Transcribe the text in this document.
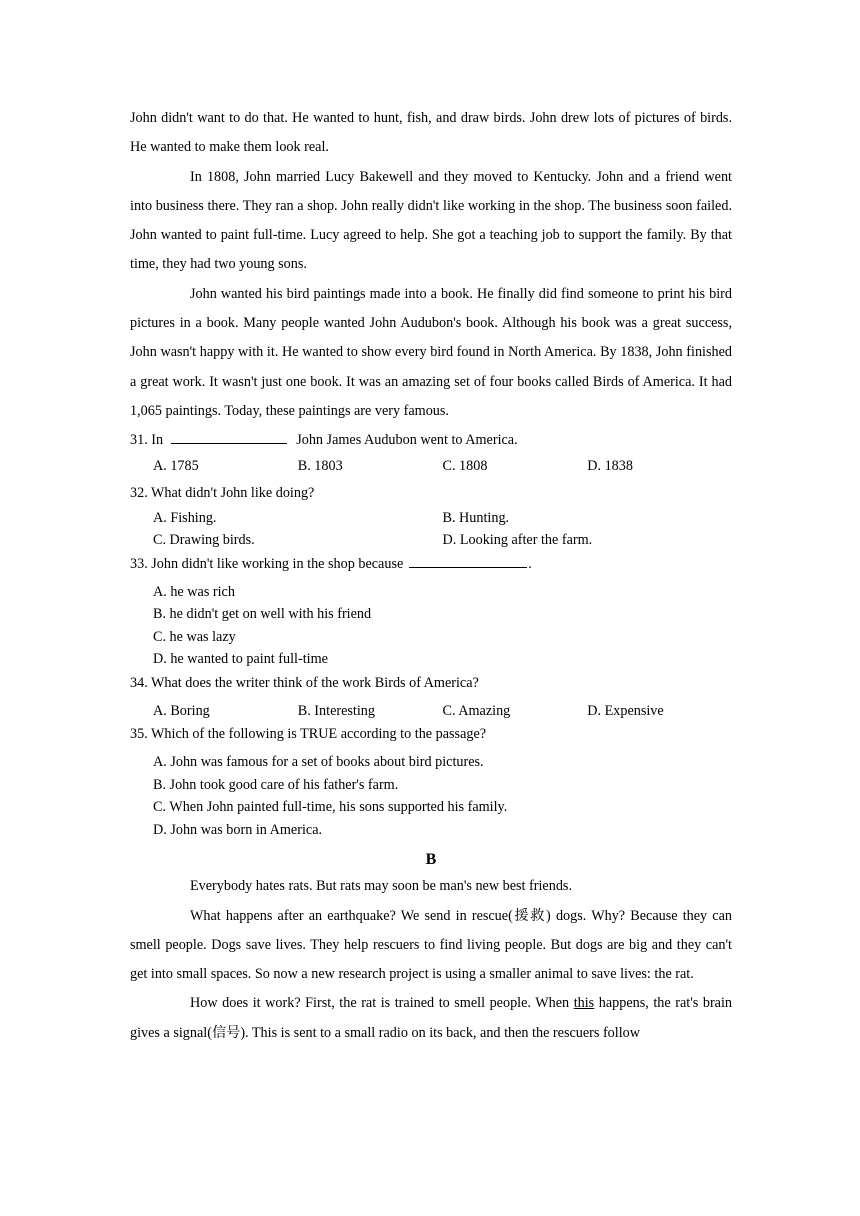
John didn't want to do that. He wanted to hunt, fish, and draw birds. John drew lots of pictures of birds. He wanted to make them look real.

In 1808, John married Lucy Bakewell and they moved to Kentucky. John and a friend went into business there. They ran a shop. John really didn't like working in the shop. The business soon failed. John wanted to paint full-time. Lucy agreed to help. She got a teaching job to support the family. By that time, they had two young sons.

John wanted his bird paintings made into a book. He finally did find someone to print his bird pictures in a book. Many people wanted John Audubon's book. Although his book was a great success, John wasn't happy with it. He wanted to show every bird found in North America. By 1838, John finished a great work. It wasn't just one book. It was an amazing set of four books called Birds of America. It had 1,065 paintings. Today, these paintings are very famous.

31. In	John James Audubon went to America.
A. 1785	B. 1803	C. 1808	D. 1838
32. What didn't John like doing?
A. Fishing.	B. Hunting.
C. Drawing birds.	D. Looking after the farm.
33. John didn't like working in the shop because	.
A. he was rich
B. he didn't get on well with his friend
C. he was lazy
D. he wanted to paint full-time
34. What does the writer think of the work Birds of America?
A. Boring	B. Interesting	C. Amazing	D. Expensive
35. Which of the following is TRUE according to the passage?
A. John was famous for a set of books about bird pictures.
B. John took good care of his father's farm.
C. When John painted full-time, his sons supported his family.
D. John was born in America.
B

Everybody hates rats. But rats may soon be man's new best friends.

What happens after an earthquake? We send in rescue(援救) dogs. Why? Because they can smell people. Dogs save lives. They help rescuers to find living people. But dogs are big and they can't get into small spaces. So now a new research project is using a smaller animal to save lives: the rat.

How does it work? First, the rat is trained to smell people. When this happens, the rat's brain gives a signal(信号). This is sent to a small radio on its back, and then the rescuers follow
